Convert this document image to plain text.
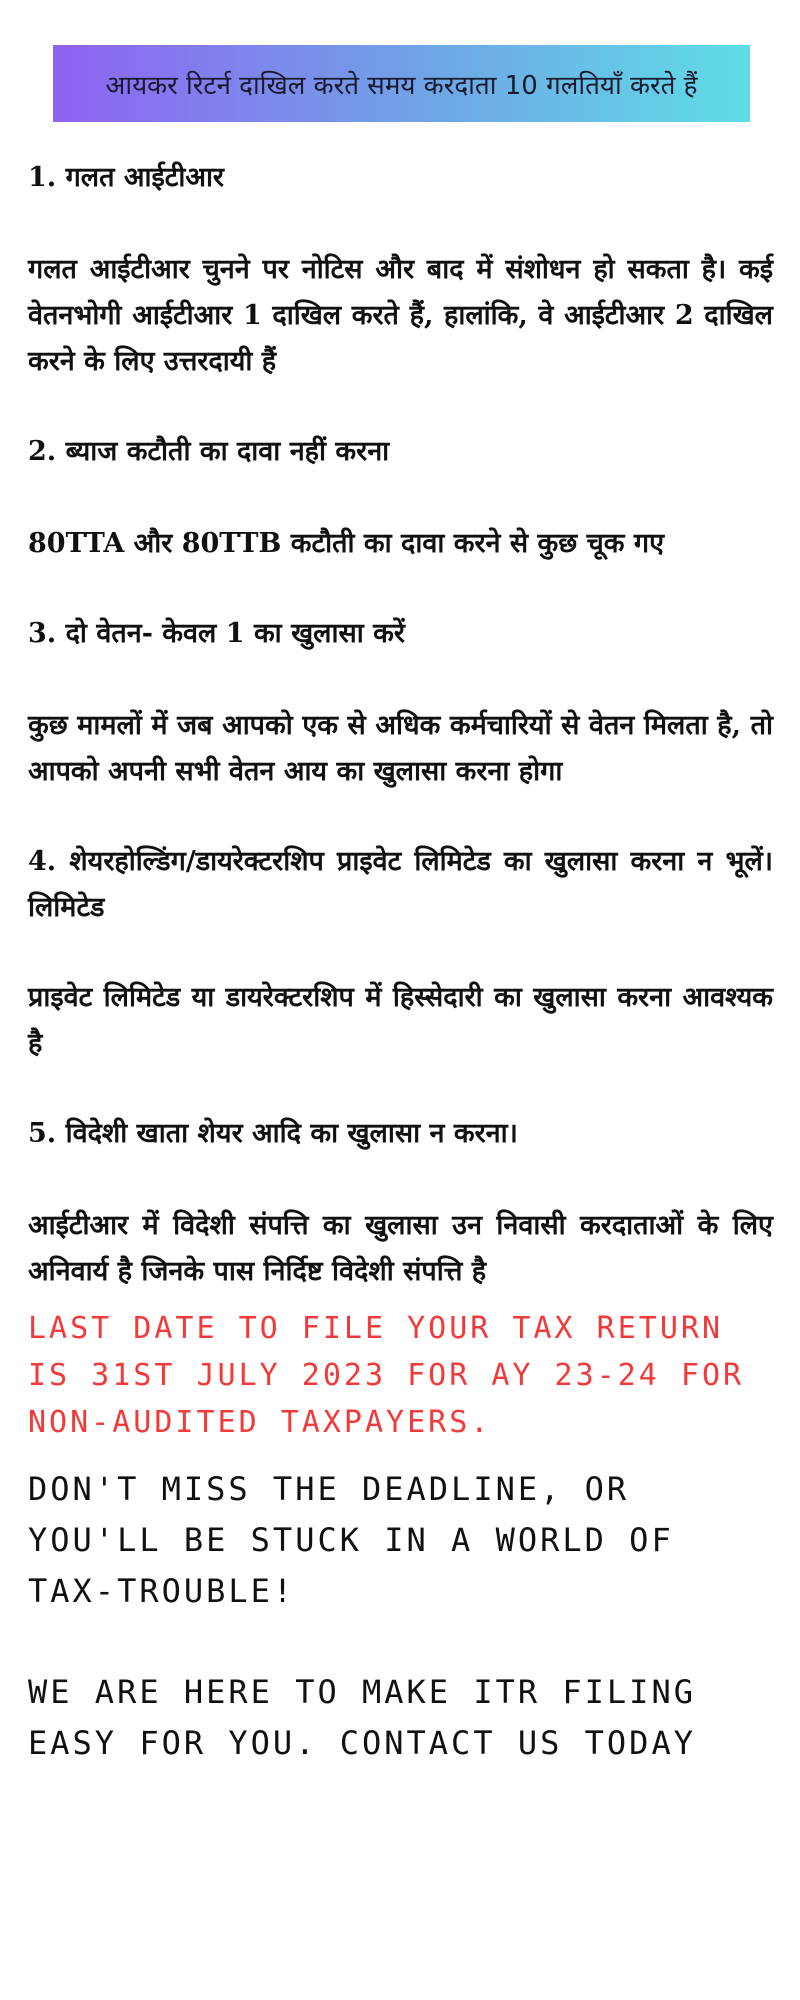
आयकर रिटर्न दाखिल करते समय करदाता 10 गलतियाँ करते हैं
1. गलत आईटीआर
गलत आईटीआर चुनने पर नोटिस और बाद में संशोधन हो सकता है। कई वेतनभोगी आईटीआर 1 दाखिल करते हैं, हालांकि, वे आईटीआर 2 दाखिल करने के लिए उत्तरदायी हैं
2. ब्याज कटौती का दावा नहीं करना
80TTA और 80TTB कटौती का दावा करने से कुछ चूक गए
3. दो वेतन- केवल 1 का खुलासा करें
कुछ मामलों में जब आपको एक से अधिक कर्मचारियों से वेतन मिलता है, तो आपको अपनी सभी वेतन आय का खुलासा करना होगा
4. शेयरहोल्डिंग/डायरेक्टरशिप प्राइवेट लिमिटेड का खुलासा करना न भूलें। लिमिटेड
प्राइवेट लिमिटेड या डायरेक्टरशिप में हिस्सेदारी का खुलासा करना आवश्यक है
5. विदेशी खाता शेयर आदि का खुलासा न करना।
आईटीआर में विदेशी संपत्ति का खुलासा उन निवासी करदाताओं के लिए अनिवार्य है जिनके पास निर्दिष्ट विदेशी संपत्ति है
LAST DATE TO FILE YOUR TAX RETURN IS 31ST JULY 2023 FOR AY 23-24 FOR NON-AUDITED TAXPAYERS.
DON'T MISS THE DEADLINE, OR YOU'LL BE STUCK IN A WORLD OF TAX-TROUBLE!
WE ARE HERE TO MAKE ITR FILING EASY FOR YOU. CONTACT US TODAY
